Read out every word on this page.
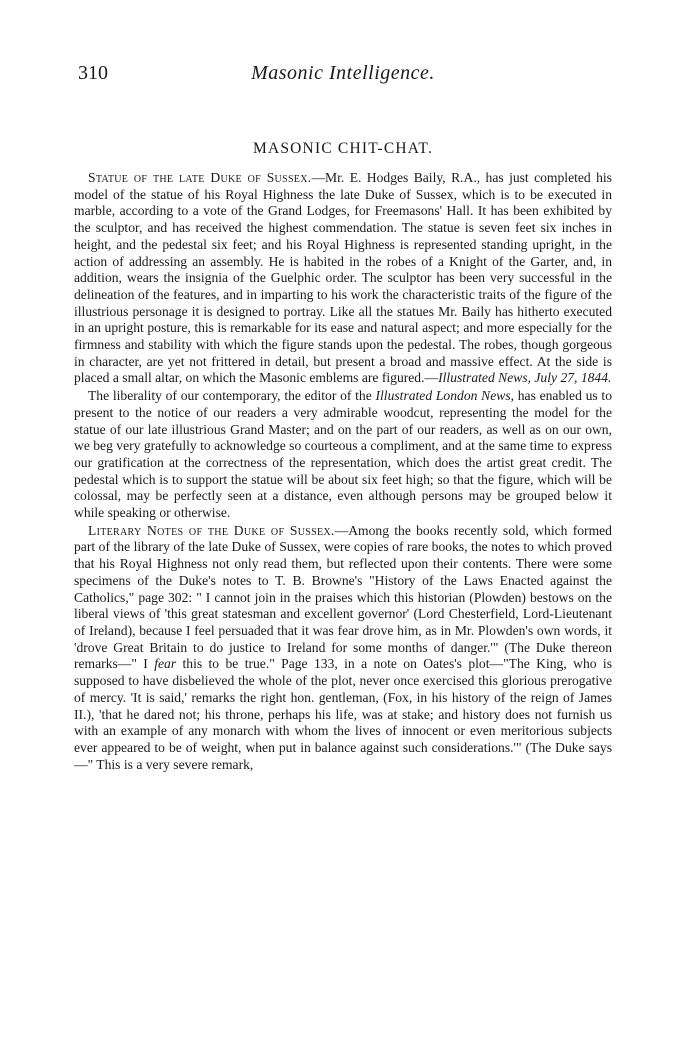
310	Masonic Intelligence.
MASONIC CHIT-CHAT.

Statue of the late Duke of Sussex.—Mr. E. Hodges Baily, R.A., has just completed his model of the statue of his Royal Highness the late Duke of Sussex, which is to be executed in marble, according to a vote of the Grand Lodges, for Freemasons' Hall. It has been exhibited by the sculptor, and has received the highest commendation. The statue is seven feet six inches in height, and the pedestal six feet; and his Royal Highness is represented standing upright, in the action of addressing an assembly. He is habited in the robes of a Knight of the Garter, and, in addition, wears the insignia of the Guelphic order. The sculptor has been very successful in the delineation of the features, and in imparting to his work the characteristic traits of the figure of the illustrious personage it is designed to portray. Like all the statues Mr. Baily has hitherto executed in an upright posture, this is remarkable for its ease and natural aspect; and more especially for the firmness and stability with which the figure stands upon the pedestal. The robes, though gorgeous in character, are yet not frittered in detail, but present a broad and massive effect. At the side is placed a small altar, on which the Masonic emblems are figured.—Illustrated News, July 27, 1844.

The liberality of our contemporary, the editor of the Illustrated London News, has enabled us to present to the notice of our readers a very admirable woodcut, representing the model for the statue of our late illustrious Grand Master; and on the part of our readers, as well as on our own, we beg very gratefully to acknowledge so courteous a compliment, and at the same time to express our gratification at the correctness of the representation, which does the artist great credit. The pedestal which is to support the statue will be about six feet high; so that the figure, which will be colossal, may be perfectly seen at a distance, even although persons may be grouped below it while speaking or otherwise.

Literary Notes of the Duke of Sussex.—Among the books recently sold, which formed part of the library of the late Duke of Sussex, were copies of rare books, the notes to which proved that his Royal Highness not only read them, but reflected upon their contents. There were some specimens of the Duke's notes to T. B. Browne's "History of the Laws Enacted against the Catholics," page 302: " I cannot join in the praises which this historian (Plowden) bestows on the liberal views of 'this great statesman and excellent governor' (Lord Chesterfield, Lord-Lieutenant of Ireland), because I feel persuaded that it was fear drove him, as in Mr. Plowden's own words, it 'drove Great Britain to do justice to Ireland for some months of danger.'" (The Duke thereon remarks—" I fear this to be true." Page 133, in a note on Oates's plot—"The King, who is supposed to have disbelieved the whole of the plot, never once exercised this glorious prerogative of mercy. 'It is said,' remarks the right hon. gentleman, (Fox, in his history of the reign of James II.), 'that he dared not; his throne, perhaps his life, was at stake; and history does not furnish us with an example of any monarch with whom the lives of innocent or even meritorious subjects ever appeared to be of weight, when put in balance against such considerations.'" (The Duke says—" This is a very severe remark,
